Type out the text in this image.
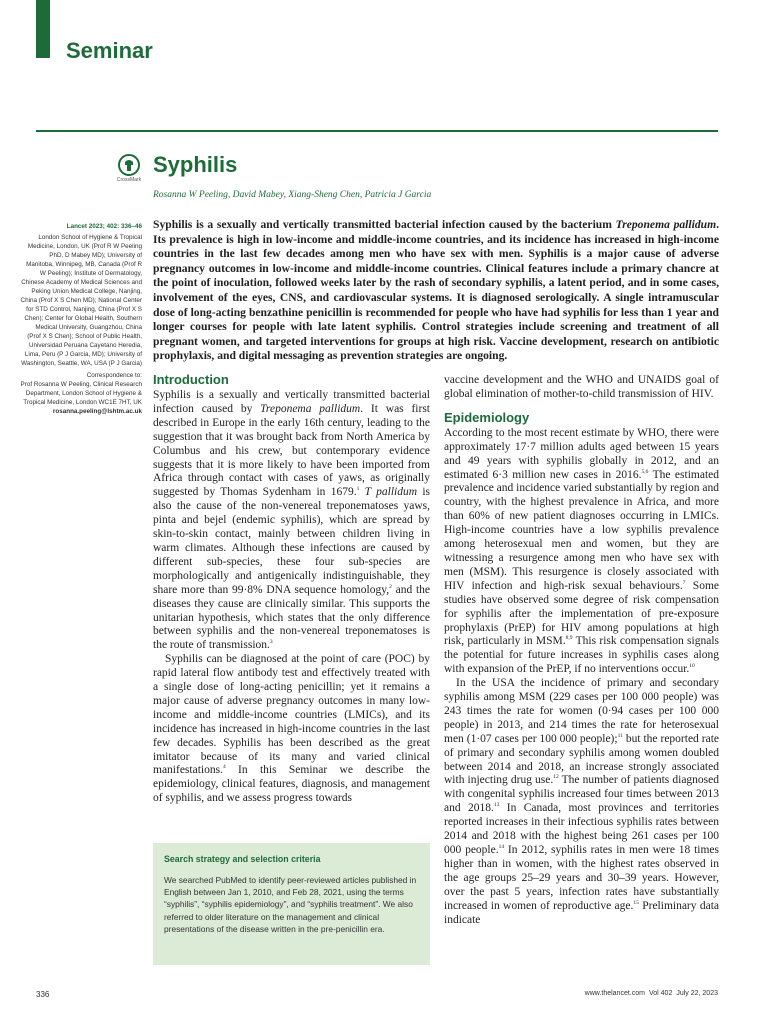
Seminar
CrossMark
Syphilis
Rosanna W Peeling, David Mabey, Xiang-Sheng Chen, Patricia J Garcia

Lancet 2023; 402: 336–46

London School of Hygiene & Tropical Medicine, London, UK (Prof R W Peeling PhD, D Mabey MD); University of Manitoba, Winnipeg, MB, Canada (Prof R W Peeling); Institute of Dermatology, Chinese Academy of Medical Sciences and Peking Union Medical College, Nanjing, China (Prof X S Chen MD); National Center for STD Control, Nanjing, China (Prof X S Chen); Center for Global Health, Southern Medical University, Guangzhou, China (Prof X S Chen); School of Public Health, Universidad Peruana Cayetano Heredia, Lima, Peru (P J Garcia, MD); University of Washington, Seattle, WA, USA (P J Garcia)

Correspondence to:

Prof Rosanna W Peeling, Clinical Research Department, London School of Hygiene & Tropical Medicine, London WC1E 7HT, UK

rosanna.peeling@lshtm.ac.uk

Syphilis is a sexually and vertically transmitted bacterial infection caused by the bacterium Treponema pallidum. Its prevalence is high in low-income and middle-income countries, and its incidence has increased in high-income countries in the last few decades among men who have sex with men. Syphilis is a major cause of adverse pregnancy outcomes in low-income and middle-income countries. Clinical features include a primary chancre at the point of inoculation, followed weeks later by the rash of secondary syphilis, a latent period, and in some cases, involvement of the eyes, CNS, and cardiovascular systems. It is diagnosed serologically. A single intramuscular dose of long-acting benzathine penicillin is recommended for people who have had syphilis for less than 1 year and longer courses for people with late latent syphilis. Control strategies include screening and treatment of all pregnant women, and targeted interventions for groups at high risk. Vaccine development, research on antibiotic prophylaxis, and digital messaging as prevention strategies are ongoing.

Introduction

Syphilis is a sexually and vertically transmitted bacterial infection caused by Treponema pallidum. It was first described in Europe in the early 16th century, leading to the suggestion that it was brought back from North America by Columbus and his crew, but contemporary evidence suggests that it is more likely to have been imported from Africa through contact with cases of yaws, as originally suggested by Thomas Sydenham in 1679.$^1$ T pallidum is also the cause of the non-venereal treponematoses yaws, pinta and bejel (endemic syphilis), which are spread by skin-to-skin contact, mainly between children living in warm climates. Although these infections are caused by different sub-species, these four sub-species are morphologically and antigenically indistinguishable, they share more than 99·8% DNA sequence homology,$^2$ and the diseases they cause are clinically similar. This supports the unitarian hypothesis, which states that the only difference between syphilis and the non-venereal treponematoses is the route of transmission.$^3$

Syphilis can be diagnosed at the point of care (POC) by rapid lateral flow antibody test and effectively treated with a single dose of long-acting penicillin; yet it remains a major cause of adverse pregnancy outcomes in many low-income and middle-income countries (LMICs), and its incidence has increased in high-income countries in the last few decades. Syphilis has been described as the great imitator because of its many and varied clinical manifestations.$^4$ In this Seminar we describe the epidemiology, clinical features, diagnosis, and management of syphilis, and we assess progress towards

Search strategy and selection criteria
We searched PubMed to identify peer-reviewed articles published in English between Jan 1, 2010, and Feb 28, 2021, using the terms “syphilis”, “syphilis epidemiology”, and “syphilis treatment”. We also referred to older literature on the management and clinical presentations of the disease written in the pre-penicillin era.

vaccine development and the WHO and UNAIDS goal of global elimination of mother-to-child transmission of HIV.

Epidemiology

According to the most recent estimate by WHO, there were approximately 17·7 million adults aged between 15 years and 49 years with syphilis globally in 2012, and an estimated 6·3 million new cases in 2016.$^{5,6}$ The estimated prevalence and incidence varied substantially by region and country, with the highest prevalence in Africa, and more than 60% of new patient diagnoses occurring in LMICs. High-income countries have a low syphilis prevalence among heterosexual men and women, but they are witnessing a resurgence among men who have sex with men (MSM). This resurgence is closely associated with HIV infection and high-risk sexual behaviours.$^7$ Some studies have observed some degree of risk compensation for syphilis after the implementation of pre-exposure prophylaxis (PrEP) for HIV among populations at high risk, particularly in MSM.$^{8,9}$ This risk compensation signals the potential for future increases in syphilis cases along with expansion of the PrEP, if no interventions occur.$^{10}$

In the USA the incidence of primary and secondary syphilis among MSM (229 cases per 100 000 people) was 243 times the rate for women (0·94 cases per 100 000 people) in 2013, and 214 times the rate for heterosexual men (1·07 cases per 100 000 people);$^{11}$ but the reported rate of primary and secondary syphilis among women doubled between 2014 and 2018, an increase strongly associated with injecting drug use.$^{12}$ The number of patients diagnosed with congenital syphilis increased four times between 2013 and 2018.13 In Canada, most provinces and territories reported increases in their infectious syphilis rates between 2014 and 2018 with the highest being 261 cases per 100 000 people.$^{14}$ In 2012, syphilis rates in men were 18 times higher than in women, with the highest rates observed in the age groups 25–29 years and 30–39 years. However, over the past 5 years, infection rates have substantially increased in women of reproductive age.$^{15}$ Preliminary data indicate

336	www.thelancet.com Vol 402 July 22, 2023
